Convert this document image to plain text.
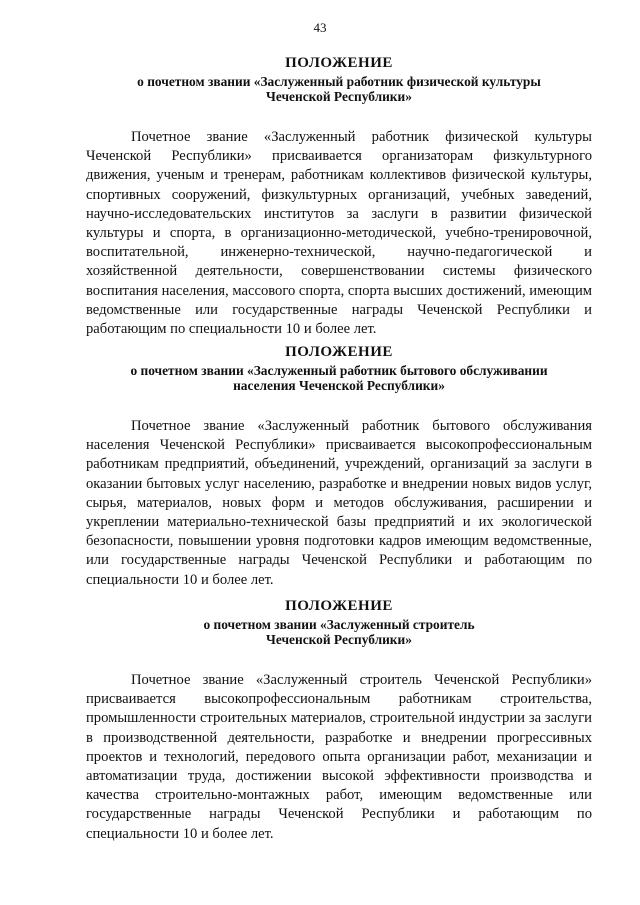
43
ПОЛОЖЕНИЕ

о почетном звании «Заслуженный работник физической культуры
Чеченской Республики»

Почетное звание «Заслуженный работник физической культуры Чеченской Республики» присваивается организаторам физкультурного движения, ученым и тренерам, работникам коллективов физической культуры, спортивных сооружений, физкультурных организаций, учебных заведений, научно-исследовательских институтов за заслуги в развитии физической культуры и спорта, в организационно-методической, учебно-тренировочной, воспитательной, инженерно-технической, научно-педагогической и хозяйственной деятельности, совершенствовании системы физического воспитания населения, массового спорта, спорта высших достижений, имеющим ведомственные или государственные награды Чеченской Республики и работающим по специальности 10 и более лет.

ПОЛОЖЕНИЕ

о почетном звании «Заслуженный работник бытового обслуживании
населения Чеченской Республики»

Почетное звание «Заслуженный работник бытового обслуживания населения Чеченской Республики» присваивается высокопрофессиональным работникам предприятий, объединений, учреждений, организаций за заслуги в оказании бытовых услуг населению, разработке и внедрении новых видов услуг, сырья, материалов, новых форм и методов обслуживания, расширении и укреплении материально-технической базы предприятий и их экологической безопасности, повышении уровня подготовки кадров имеющим ведомственные, или государственные награды Чеченской Республики и работающим по специальности 10 и более лет.

ПОЛОЖЕНИЕ

о почетном звании «Заслуженный строитель
Чеченской Республики»

Почетное звание «Заслуженный строитель Чеченской Республики» присваивается высокопрофессиональным работникам строительства, промышленности строительных материалов, строительной индустрии за заслуги в производственной деятельности, разработке и внедрении прогрессивных проектов и технологий, передового опыта организации работ, механизации и автоматизации труда, достижении высокой эффективности производства и качества строительно-монтажных работ, имеющим ведомственные или государственные награды Чеченской Республики и работающим по специальности 10 и более лет.
